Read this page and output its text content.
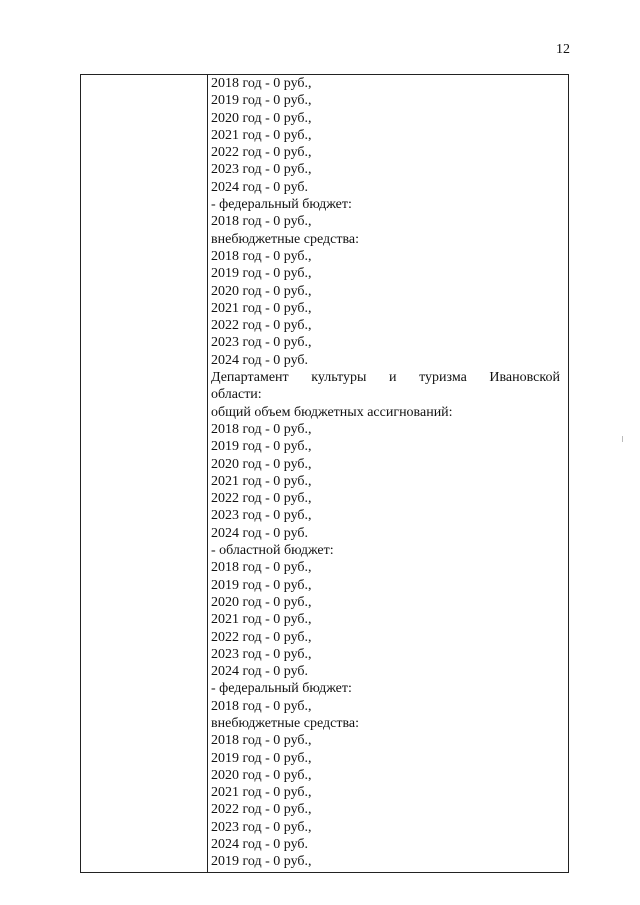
12
2018 год - 0 руб.,
2019 год - 0 руб.,
2020 год - 0 руб.,
2021 год - 0 руб.,
2022 год - 0 руб.,
2023 год - 0 руб.,
2024 год - 0 руб.
- федеральный бюджет:
2018 год - 0 руб.,
внебюджетные средства:
2018 год - 0 руб.,
2019 год - 0 руб.,
2020 год - 0 руб.,
2021 год - 0 руб.,
2022 год - 0 руб.,
2023 год - 0 руб.,
2024 год - 0 руб.
Департамент культуры и туризма Ивановской
области:
общий объем бюджетных ассигнований:
2018 год - 0 руб.,
2019 год - 0 руб.,
2020 год - 0 руб.,
2021 год - 0 руб.,
2022 год - 0 руб.,
2023 год - 0 руб.,
2024 год - 0 руб.
- областной бюджет:
2018 год - 0 руб.,
2019 год - 0 руб.,
2020 год - 0 руб.,
2021 год - 0 руб.,
2022 год - 0 руб.,
2023 год - 0 руб.,
2024 год - 0 руб.
- федеральный бюджет:
2018 год - 0 руб.,
внебюджетные средства:
2018 год - 0 руб.,
2019 год - 0 руб.,
2020 год - 0 руб.,
2021 год - 0 руб.,
2022 год - 0 руб.,
2023 год - 0 руб.,
2024 год - 0 руб.
2019 год - 0 руб.,
